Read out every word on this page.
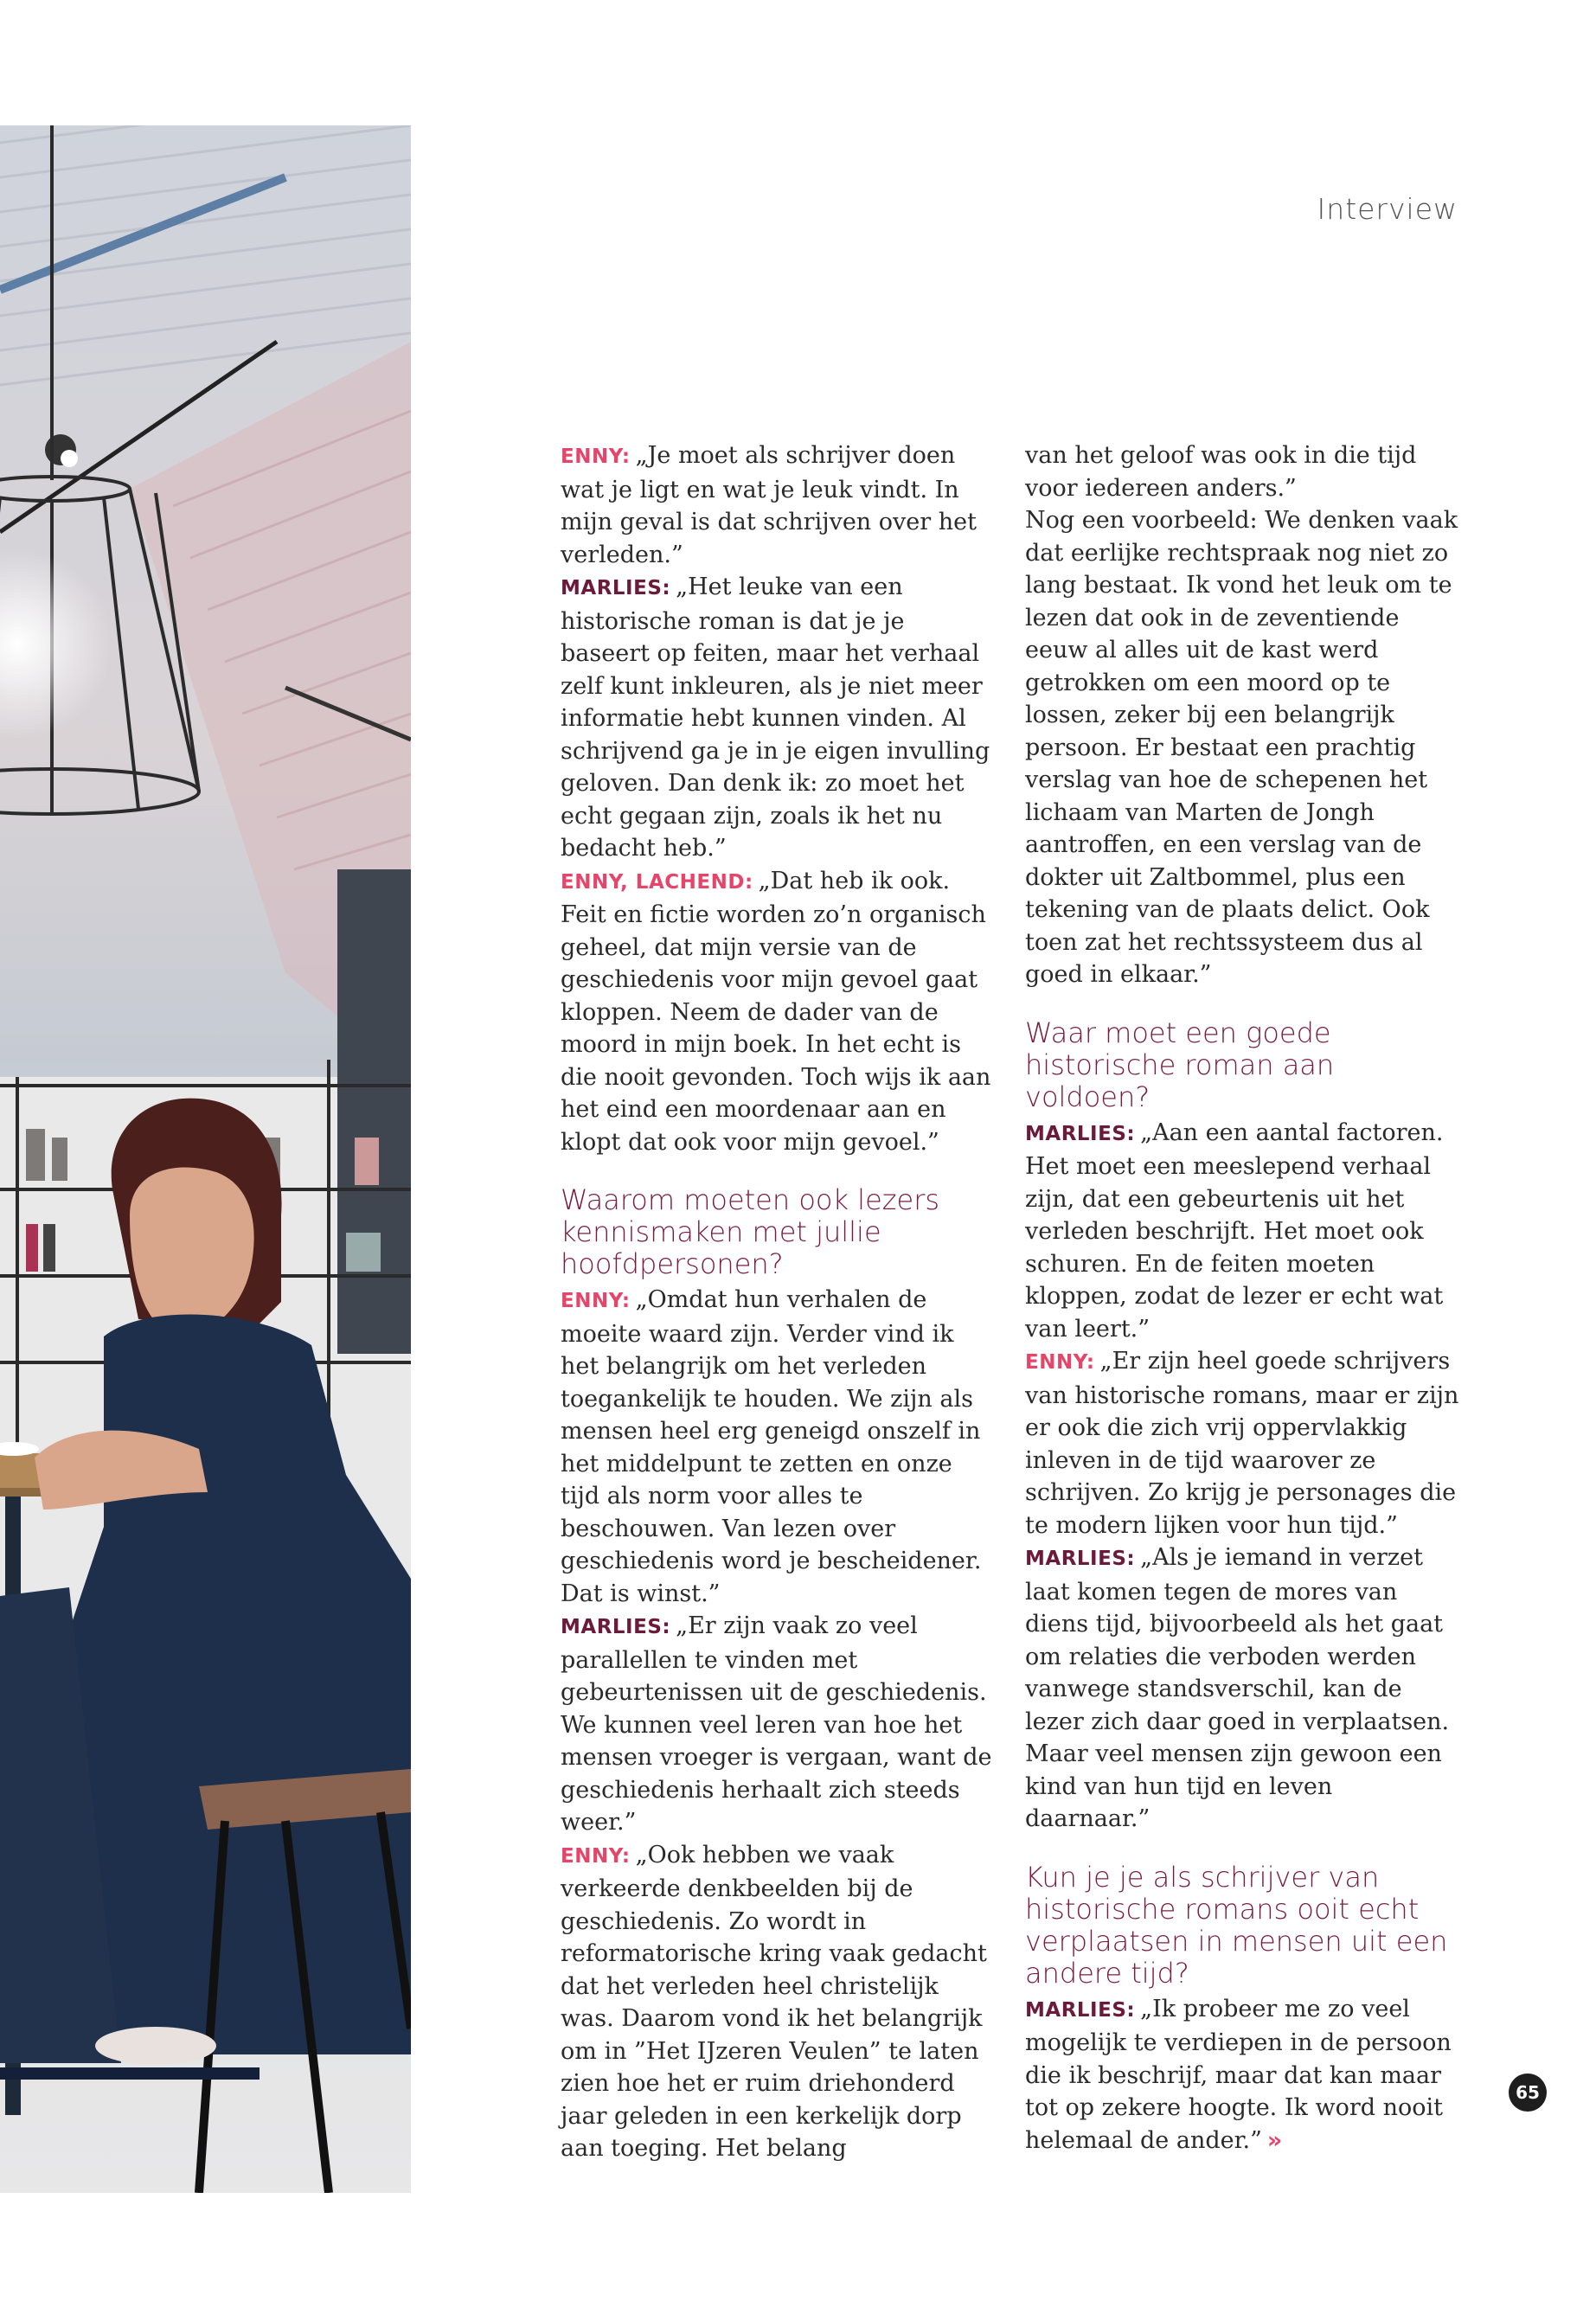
Interview

ENNY: „Je moet als schrijver doen wat je ligt en wat je leuk vindt. In mijn geval is dat schrijven over het verleden.”

MARLIES: „Het leuke van een historische roman is dat je je baseert op feiten, maar het verhaal zelf kunt inkleuren, als je niet meer informatie hebt kunnen vinden. Al schrijvend ga je in je eigen invulling geloven. Dan denk ik: zo moet het echt gegaan zijn, zoals ik het nu bedacht heb.”

ENNY, LACHEND: „Dat heb ik ook. Feit en fictie worden zo’n organisch geheel, dat mijn versie van de geschiedenis voor mijn gevoel gaat kloppen. Neem de dader van de moord in mijn boek. In het echt is die nooit gevonden. Toch wijs ik aan het eind een moordenaar aan en klopt dat ook voor mijn gevoel.”

Waarom moeten ook lezers kennismaken met jullie hoofdpersonen?

ENNY: „Omdat hun verhalen de moeite waard zijn. Verder vind ik het belangrijk om het verleden toegankelijk te houden. We zijn als mensen heel erg geneigd onszelf in het middelpunt te zetten en onze tijd als norm voor alles te beschouwen. Van lezen over geschiedenis word je bescheidener. Dat is winst.”

MARLIES: „Er zijn vaak zo veel parallellen te vinden met gebeurtenissen uit de geschiedenis. We kunnen veel leren van hoe het mensen vroeger is vergaan, want de geschiedenis herhaalt zich steeds weer.”

ENNY: „Ook hebben we vaak verkeerde denkbeelden bij de geschiedenis. Zo wordt in reformatorische kring vaak gedacht dat het verleden heel christelijk was. Daarom vond ik het belangrijk om in ”Het IJzeren Veulen” te laten zien hoe het er ruim driehonderd jaar geleden in een kerkelijk dorp aan toeging. Het belang

van het geloof was ook in die tijd voor iedereen anders.”

Nog een voorbeeld: We denken vaak dat eerlijke rechtspraak nog niet zo lang bestaat. Ik vond het leuk om te lezen dat ook in de zeventiende eeuw al alles uit de kast werd getrokken om een moord op te lossen, zeker bij een belangrijk persoon. Er bestaat een prachtig verslag van hoe de schepenen het lichaam van Marten de Jongh aantroffen, en een verslag van de dokter uit Zaltbommel, plus een tekening van de plaats delict. Ook toen zat het rechtssysteem dus al goed in elkaar.”

Waar moet een goede historische roman aan voldoen?

MARLIES: „Aan een aantal factoren. Het moet een meeslepend verhaal zijn, dat een gebeurtenis uit het verleden beschrijft. Het moet ook schuren. En de feiten moeten kloppen, zodat de lezer er echt wat van leert.”

ENNY: „Er zijn heel goede schrijvers van historische romans, maar er zijn er ook die zich vrij oppervlakkig inleven in de tijd waarover ze schrijven. Zo krijg je personages die te modern lijken voor hun tijd.”

MARLIES: „Als je iemand in verzet laat komen tegen de mores van diens tijd, bijvoorbeeld als het gaat om relaties die verboden werden vanwege standsverschil, kan de lezer zich daar goed in verplaatsen. Maar veel mensen zijn gewoon een kind van hun tijd en leven daarnaar.”

Kun je je als schrijver van historische romans ooit echt verplaatsen in mensen uit een andere tijd?

MARLIES: „Ik probeer me zo veel mogelijk te verdiepen in de persoon die ik beschrijf, maar dat kan maar tot op zekere hoogte. Ik word nooit helemaal de ander.” »

65
